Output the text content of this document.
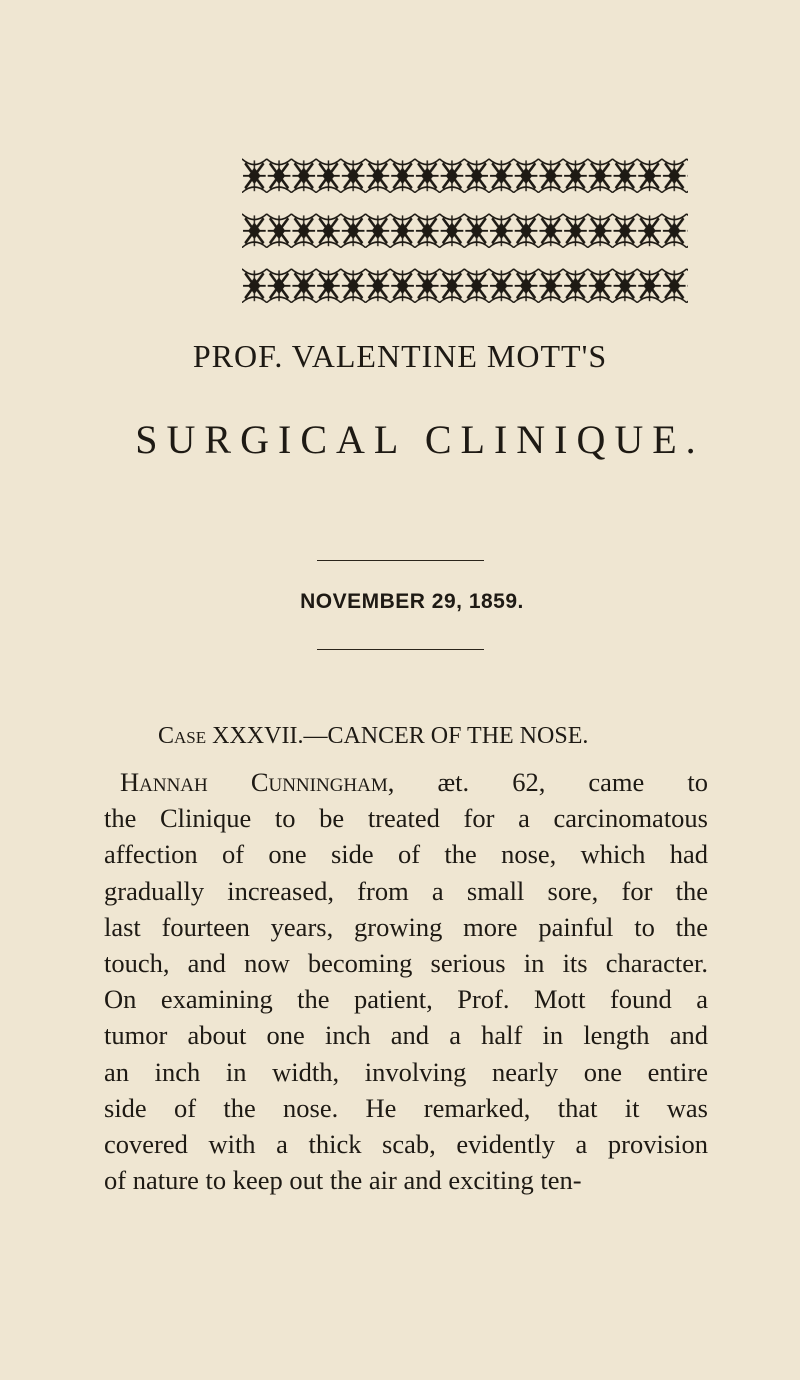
PROF. VALENTINE MOTT'S
SURGICAL CLINIQUE.
NOVEMBER 29, 1859.
Case XXXVII.—CANCER OF THE NOSE.
Hannah Cunningham, æt. 62, came to
the Clinique to be treated for a carcinomatous
affection of one side of the nose, which had
gradually increased, from a small sore, for the
last fourteen years, growing more painful to the
touch, and now becoming serious in its character.
On examining the patient, Prof. Mott found a
tumor about one inch and a half in length and
an inch in width, involving nearly one entire
side of the nose. He remarked, that it was
covered with a thick scab, evidently a provision
of nature to keep out the air and exciting ten-
